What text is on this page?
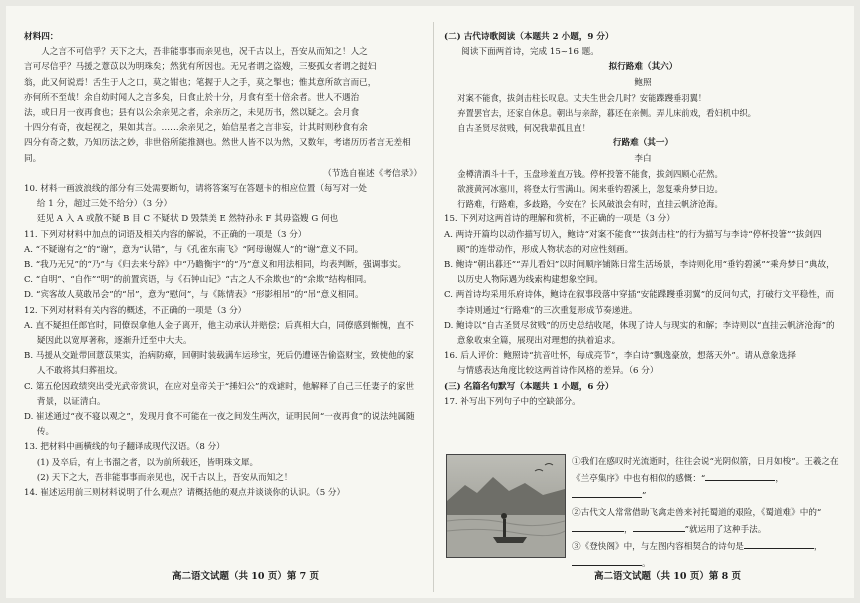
材料四：

人之言不可信乎？天下之大，吾非能事事而亲见也，况千古以上，吾安从而知之！人之

言可尽信乎？马援之薏苡以为明珠矣；然犹有所因也。无兄者谓之盗嫂，三娶孤女者谓之挝妇

翁，此又何说焉！舌生于人之口，莫之钳也；笔握于人之手，莫之掣也；惟其意所欲言而已，

亦何所不至哉！余自幼时闻人之言多矣，日食止於十分，月食有至十倍余者。世人不遇治

法，或日月一夜再食也；县有以公余亲见之者，余亲历之，未见历书，然以疑之。会月食

十四分有奇，夜起视之，果如其言。……余亲见之，始信星者之言非妄，计其时则秒食有余

四分有奇之数，乃知历法之妙，非世俗所能推测也。然世人皆不以为然，又数年，考诸历历者言无差相同。

（节选自崔述《考信录》）

10. 材料一画波浪线的部分有三处需要断句，请将答案写在答题卡的相应位置（每写对一处

给 1 分，超过三处不给分）（3 分）

廷见 A 入 A 或散不疑 B 目 C 不疑状 D 毁禁美 E 然特孙永 F 其毋盗嫂 G 何也

11. 下列对材料中加点的词语及相关内容的解说，不正确的一项是（3 分）

A. “不疑谢有之”的“谢”，意为“认错”，与《孔雀东南飞》“阿母谢媒人”的“谢”意义不同。

B. “我乃无兄”的“乃”与《归去来兮辞》中“乃瞻衡宇”的“乃”意义和用法相同，均表判断，强调事实。

C. “自明”、“自作”“明”的前置宾语，与《石钟山记》“古之人不余欺也”的“余欺”结构相同。

D. “宾客故人莫敢吊会”的“吊”，意为“慰问”，与《陈情表》“形影相吊”的“吊”意义相同。

12. 下列对材料有关内容的概述，不正确的一项是（3 分）

A. 直不疑担任郎官时，同僚误拿他人金子离开，他主动承认并赔偿；后真相大白，同僚感到惭愧，直不疑因此以宽厚著称，逐渐升迁至中大夫。

B. 马援从交趾带回薏苡果实，治病防瘴，回朝时装载满车运珍宝，死后仍遭诬告偷盗财宝，致使他的家人不敢将其归葬祖坟。

C. 第五伦因政绩突出受光武帝赏识，在应对皇帝关于“捶妇公”的戏谑时，他解释了自己三任妻子的家世背景，以证清白。

D. 崔述通过“夜不寝以观之”，发现月食不可能在一夜之间发生两次，证明民间“一夜再食”的说法纯属随传。

13. 把材料中画横线的句子翻译成现代汉语。（8 分）

(1) 及卒后，有上书溜之者，以为前所载还，皆明珠文犀。

(2) 天下之大，吾非能事事而亲见也，况千古以上，吾安从而知之！

14. 崔述运用前三则材料说明了什么观点？请概括他的观点并谈谈你的认识。（5 分）

高二语文试题（共 10 页）第 7 页

(二) 古代诗歌阅读（本题共 2 小题，9 分）

阅读下面两首诗，完成 15~16 题。

拟行路难（其六）

鲍照

对案不能食，拔剑击柱长叹息。丈夫生世会几时？安能蹀躞垂羽翼！

弃置罢官去，还家自休息。朝出与亲辞，暮还在亲侧。弄儿床前戏，看妇机中织。

自古圣贤尽贫贱，何况我辈孤且直！

行路难（其一）

李白

金樽清酒斗十千，玉盘珍羞直万钱。停杯投箸不能食，拔剑四顾心茫然。

欲渡黄河冰塞川，将登太行雪满山。闲来垂钓碧溪上，忽复乘舟梦日边。

行路难，行路难，多歧路，今安在？长风破浪会有时，直挂云帆济沧海。

15. 下列对这两首诗的理解和赏析，不正确的一项是（3 分）

A. 两诗开篇均以动作描写切入，鲍诗“对案不能食”“拔剑击柱”的行为描写与李诗“停杯投箸”“拔剑四顾”的连带动作，形成人物状态的对应性刻画。

B. 鲍诗“朝出暮还”“弄儿看妇”以时间顺序铺陈日常生活场景，李诗则化用“垂钓碧溪”“乘舟梦日”典故，以历史人物际遇为线索构建想象空间。

C. 两首诗均采用乐府诗体，鲍诗在叙事段落中穿插“安能蹀躞垂羽翼”的反问句式，打破行文平稳性，而李诗则通过“行路难”的三次重复形成节奏递进。

D. 鲍诗以“自古圣贤尽贫贱”的历史总结收尾，体现了诗人与现实的和解；李诗则以“直挂云帆济沧海”的意象收束全篇，展现出对理想的执着追求。

16. 后人评价：鲍照诗“抗音吐怀，每成亮节”，李白诗“飘逸豪放，想落天外”。请从意象选择

与情感表达角度比较这两首诗作风格的差异。（6 分）

(三) 名篇名句默写（本题共 1 小题，6 分）

17. 补写出下列句子中的空缺部分。

①我们在感叹时光流逝时，往往会说“光阴似箭，日月如梭”。王羲之在《兰亭集序》中也有相似的感慨：“	，”

②古代文人常常借助飞禽走兽来衬托蜀道的艰险，《蜀道难》中的“，	”就运用了这种手法。

③《登快阁》中，与左图内容相契合的诗句是	，。

高二语文试题（共 10 页）第 8 页
